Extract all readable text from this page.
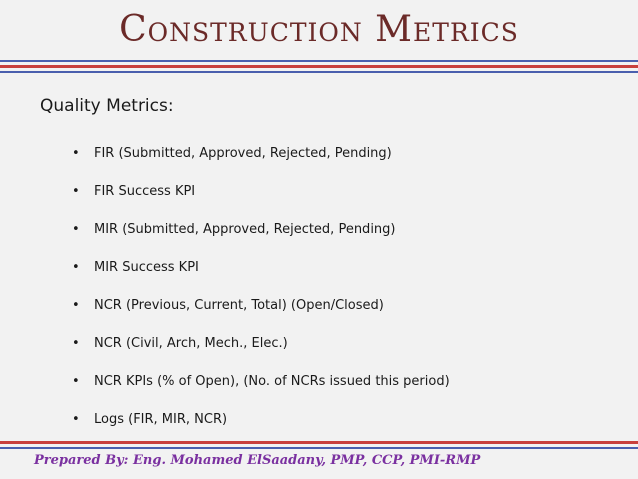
Construction Metrics
Quality Metrics:
• FIR (Submitted, Approved, Rejected, Pending)
• FIR Success KPI
• MIR (Submitted, Approved, Rejected, Pending)
• MIR Success KPI
• NCR (Previous, Current, Total) (Open/Closed)
• NCR (Civil, Arch, Mech., Elec.)
• NCR KPIs (% of Open), (No. of NCRs issued this period)
• Logs (FIR, MIR, NCR)
Prepared By: Eng. Mohamed ElSaadany, PMP, CCP, PMI-RMP
